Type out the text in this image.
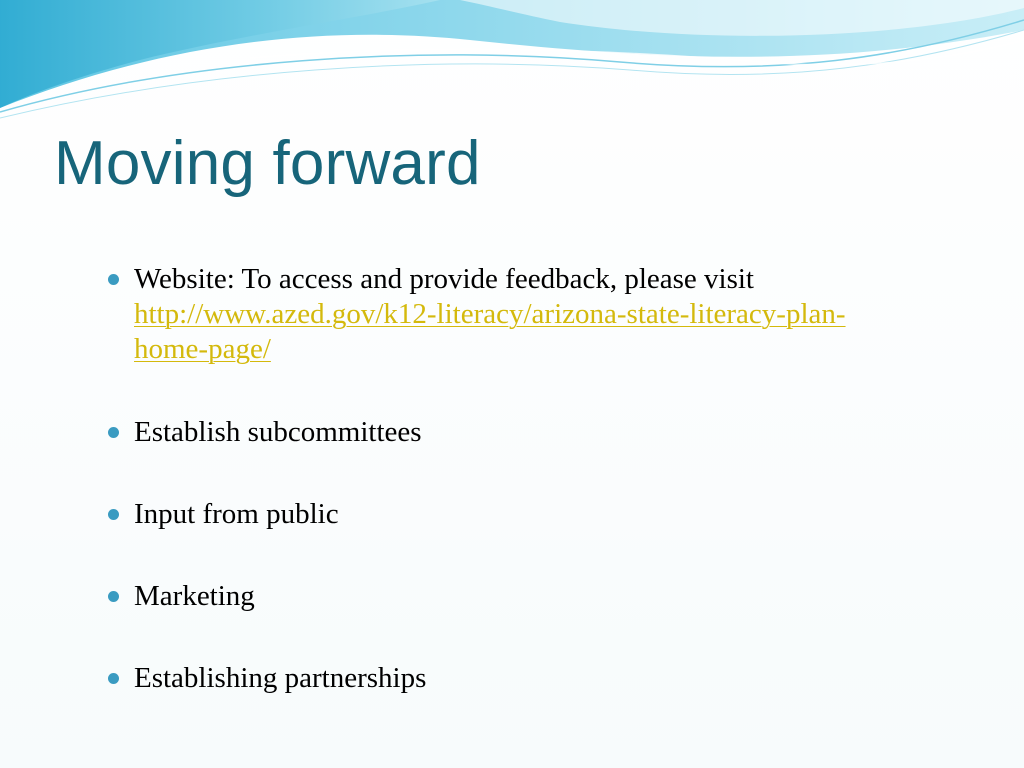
Moving forward
Website: To access and provide feedback, please visit
http://www.azed.gov/k12-literacy/arizona-state-literacy-plan-
home-page/
Establish subcommittees
Input from public
Marketing
Establishing partnerships
